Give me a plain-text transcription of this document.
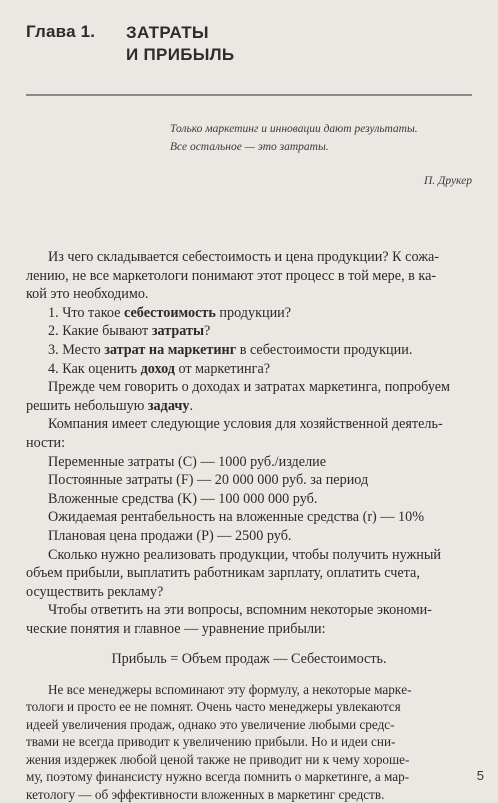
Глава 1. ЗАТРАТЫ
И ПРИБЫЛЬ
Только маркетинг и инновации дают результаты.
Все остальное — это затраты.
П. Друкер

Из чего складывается себестоимость и цена продукции? К сожа-

лению, не все маркетологи понимают этот процесс в той мере, в ка-

кой это необходимо.

1. Что такое себестоимость продукции?

2. Какие бывают затраты?

3. Место затрат на маркетинг в себестоимости продукции.

4. Как оценить доход от маркетинга?

Прежде чем говорить о доходах и затратах маркетинга, попробуем

решить небольшую задачу.

Компания имеет следующие условия для хозяйственной деятель-

ности:

Переменные затраты (C) — 1000 руб./изделие

Постоянные затраты (F) — 20 000 000 руб. за период

Вложенные средства (K) — 100 000 000 руб.

Ожидаемая рентабельность на вложенные средства (r) — 10%

Плановая цена продажи (P) — 2500 руб.

Сколько нужно реализовать продукции, чтобы получить нужный

объем прибыли, выплатить работникам зарплату, оплатить счета,

осуществить рекламу?

Чтобы ответить на эти вопросы, вспомним некоторые экономи-

ческие понятия и главное — уравнение прибыли:

Прибыль = Объем продаж — Себестоимость.

Не все менеджеры вспоминают эту формулу, а некоторые маркe-

тологи и просто ее не помнят. Очень часто менеджеры увлекаются

идеей увеличения продаж, однако это увеличение любыми средс-

твами не всегда приводит к увеличению прибыли. Но и идеи сни-

жения издержек любой ценой также не приводит ни к чему хорошe-

му, поэтому финансисту нужно всегда помнить о маркетинге, а мар-

кетологу — об эффективности вложенных в маркетинг средств.

5
